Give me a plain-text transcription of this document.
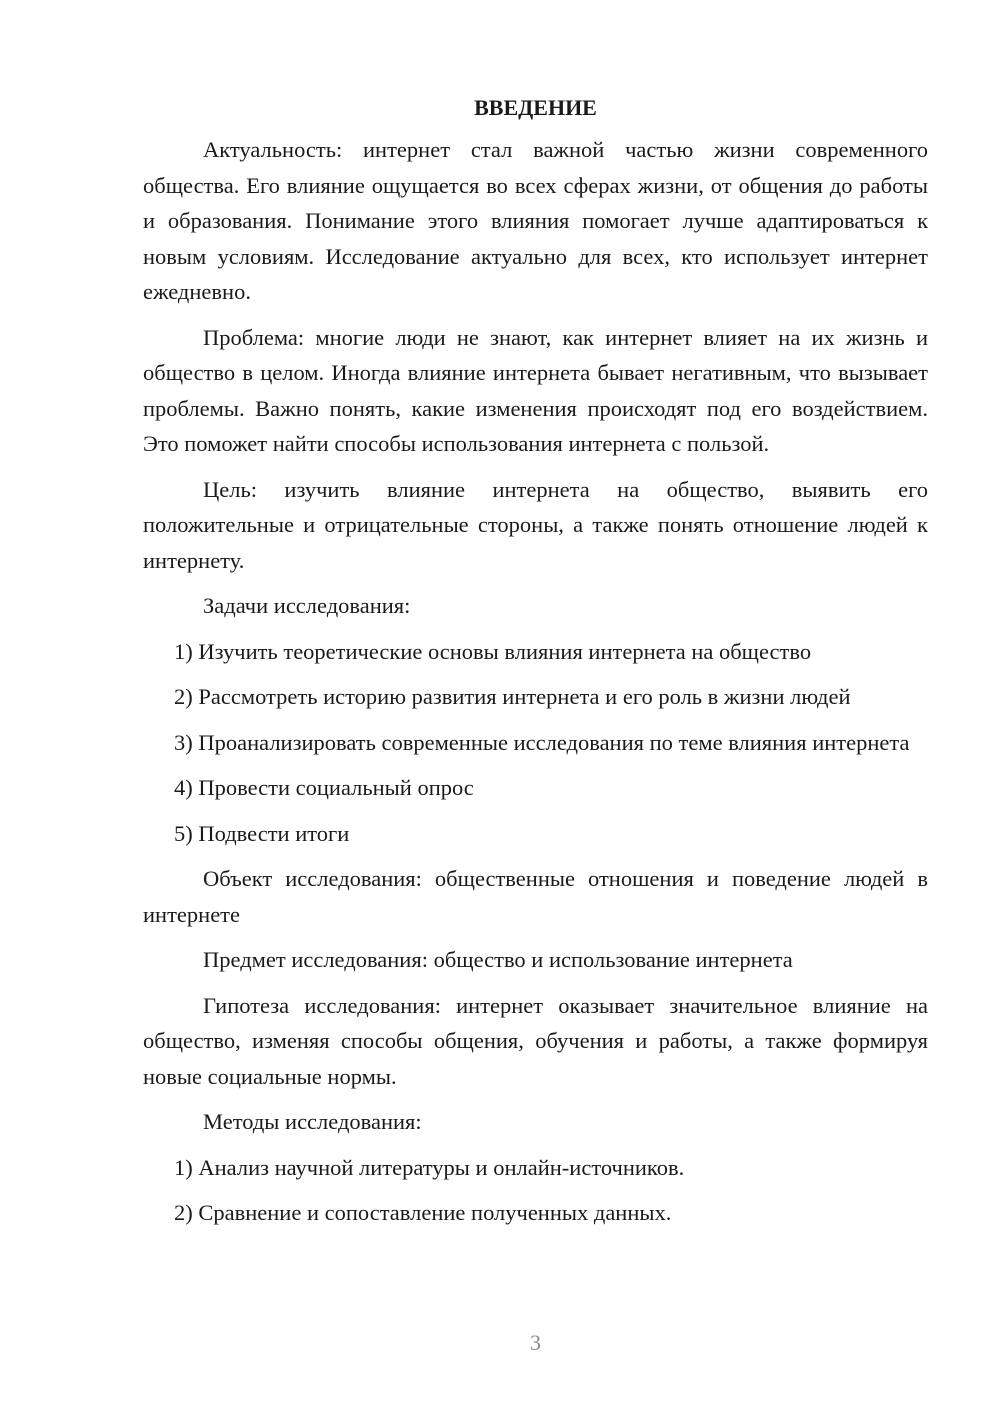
ВВЕДЕНИЕ

Актуальность: интернет стал важной частью жизни современного общества. Его влияние ощущается во всех сферах жизни, от общения до работы и образования. Понимание этого влияния помогает лучше адаптироваться к новым условиям. Исследование актуально для всех, кто использует интернет ежедневно.

Проблема: многие люди не знают, как интернет влияет на их жизнь и общество в целом. Иногда влияние интернета бывает негативным, что вызывает проблемы. Важно понять, какие изменения происходят под его воздействием. Это поможет найти способы использования интернета с пользой.

Цель: изучить влияние интернета на общество, выявить его положительные и отрицательные стороны, а также понять отношение людей к интернету.

Задачи исследования:

1) Изучить теоретические основы влияния интернета на общество

2) Рассмотреть историю развития интернета и его роль в жизни людей

3) Проанализировать современные исследования по теме влияния интернета

4) Провести социальный опрос

5) Подвести итоги

Объект исследования: общественные отношения и поведение людей в интернете

Предмет исследования: общество и использование интернета

Гипотеза исследования: интернет оказывает значительное влияние на общество, изменяя способы общения, обучения и работы, а также формируя новые социальные нормы.

Методы исследования:

1) Анализ научной литературы и онлайн-источников.

2) Сравнение и сопоставление полученных данных.

3
